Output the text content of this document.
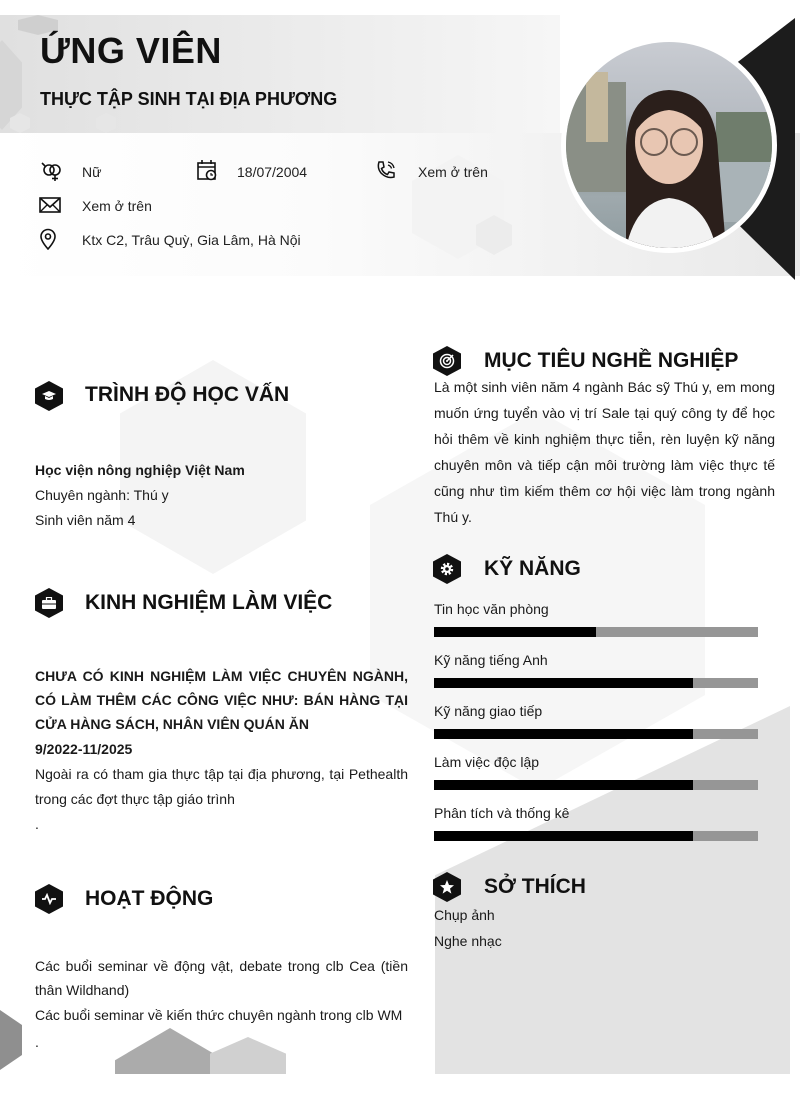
ỨNG VIÊN
THỰC TẬP SINH TẠI ĐỊA PHƯƠNG
Nữ	18/07/2004	Xem ở trên
Xem ở trên
Ktx C2, Trâu Quỳ, Gia Lâm, Hà Nội
TRÌNH ĐỘ HỌC VẤN
Học viện nông nghiệp Việt Nam
Chuyên ngành: Thú y
Sinh viên năm 4
KINH NGHIỆM LÀM VIỆC
CHƯA CÓ KINH NGHIỆM LÀM VIỆC CHUYÊN NGÀNH, CÓ LÀM THÊM CÁC CÔNG VIỆC NHƯ: BÁN HÀNG TẠI CỬA HÀNG SÁCH, NHÂN VIÊN QUÁN ĂN
9/2022-11/2025
Ngoài ra có tham gia thực tập tại địa phương, tại Pethealth trong các đợt thực tập giáo trình
.
HOẠT ĐỘNG
Các buổi seminar về động vật, debate trong clb Cea (tiền thân Wildhand)
Các buổi seminar về kiến thức chuyên ngành trong clb WM
.
MỤC TIÊU NGHỀ NGHIỆP
Là một sinh viên năm 4 ngành Bác sỹ Thú y, em mong muốn ứng tuyển vào vị trí Sale tại quý công ty để học hỏi thêm về kinh nghiệm thực tiễn, rèn luyện kỹ năng chuyên môn và tiếp cận môi trường làm việc thực tế cũng như tìm kiếm thêm cơ hội việc làm trong ngành Thú y.
KỸ NĂNG
Tin học văn phòng
Kỹ năng tiếng Anh
Kỹ năng giao tiếp
Làm việc độc lập
Phân tích và thống kê
SỞ THÍCH
Chụp ảnh
Nghe nhạc
